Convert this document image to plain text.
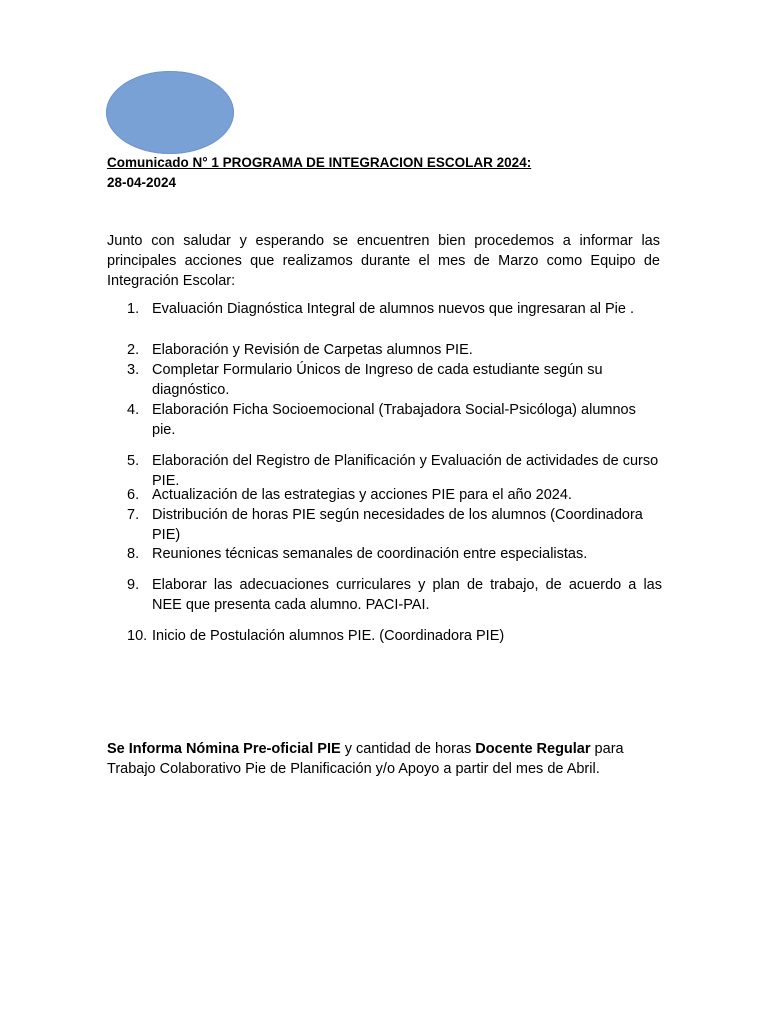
Comunicado N° 1 PROGRAMA DE INTEGRACION ESCOLAR 2024:
28-04-2024
Junto con saludar y esperando se encuentren bien procedemos a informar las principales acciones que realizamos durante el mes de Marzo como Equipo de Integración Escolar:
1. Evaluación Diagnóstica Integral de alumnos nuevos que ingresaran al Pie .
2. Elaboración y Revisión de Carpetas alumnos PIE.
3. Completar Formulario Únicos de Ingreso de cada estudiante según su diagnóstico.
4. Elaboración Ficha Socioemocional (Trabajadora Social-Psicóloga) alumnos pie.
5. Elaboración del Registro de Planificación y Evaluación de actividades de curso PIE.
6. Actualización de las estrategias y acciones PIE para el año 2024.
7. Distribución de horas PIE según necesidades de los alumnos (Coordinadora PIE)
8. Reuniones técnicas semanales de coordinación entre especialistas.
9. Elaborar las adecuaciones curriculares y plan de trabajo, de acuerdo a las NEE que presenta cada alumno. PACI-PAI.
10. Inicio de Postulación alumnos PIE. (Coordinadora PIE)
Se Informa Nómina Pre-oficial PIE y cantidad de horas Docente Regular para Trabajo Colaborativo Pie de Planificación y/o Apoyo a partir del mes de Abril.
